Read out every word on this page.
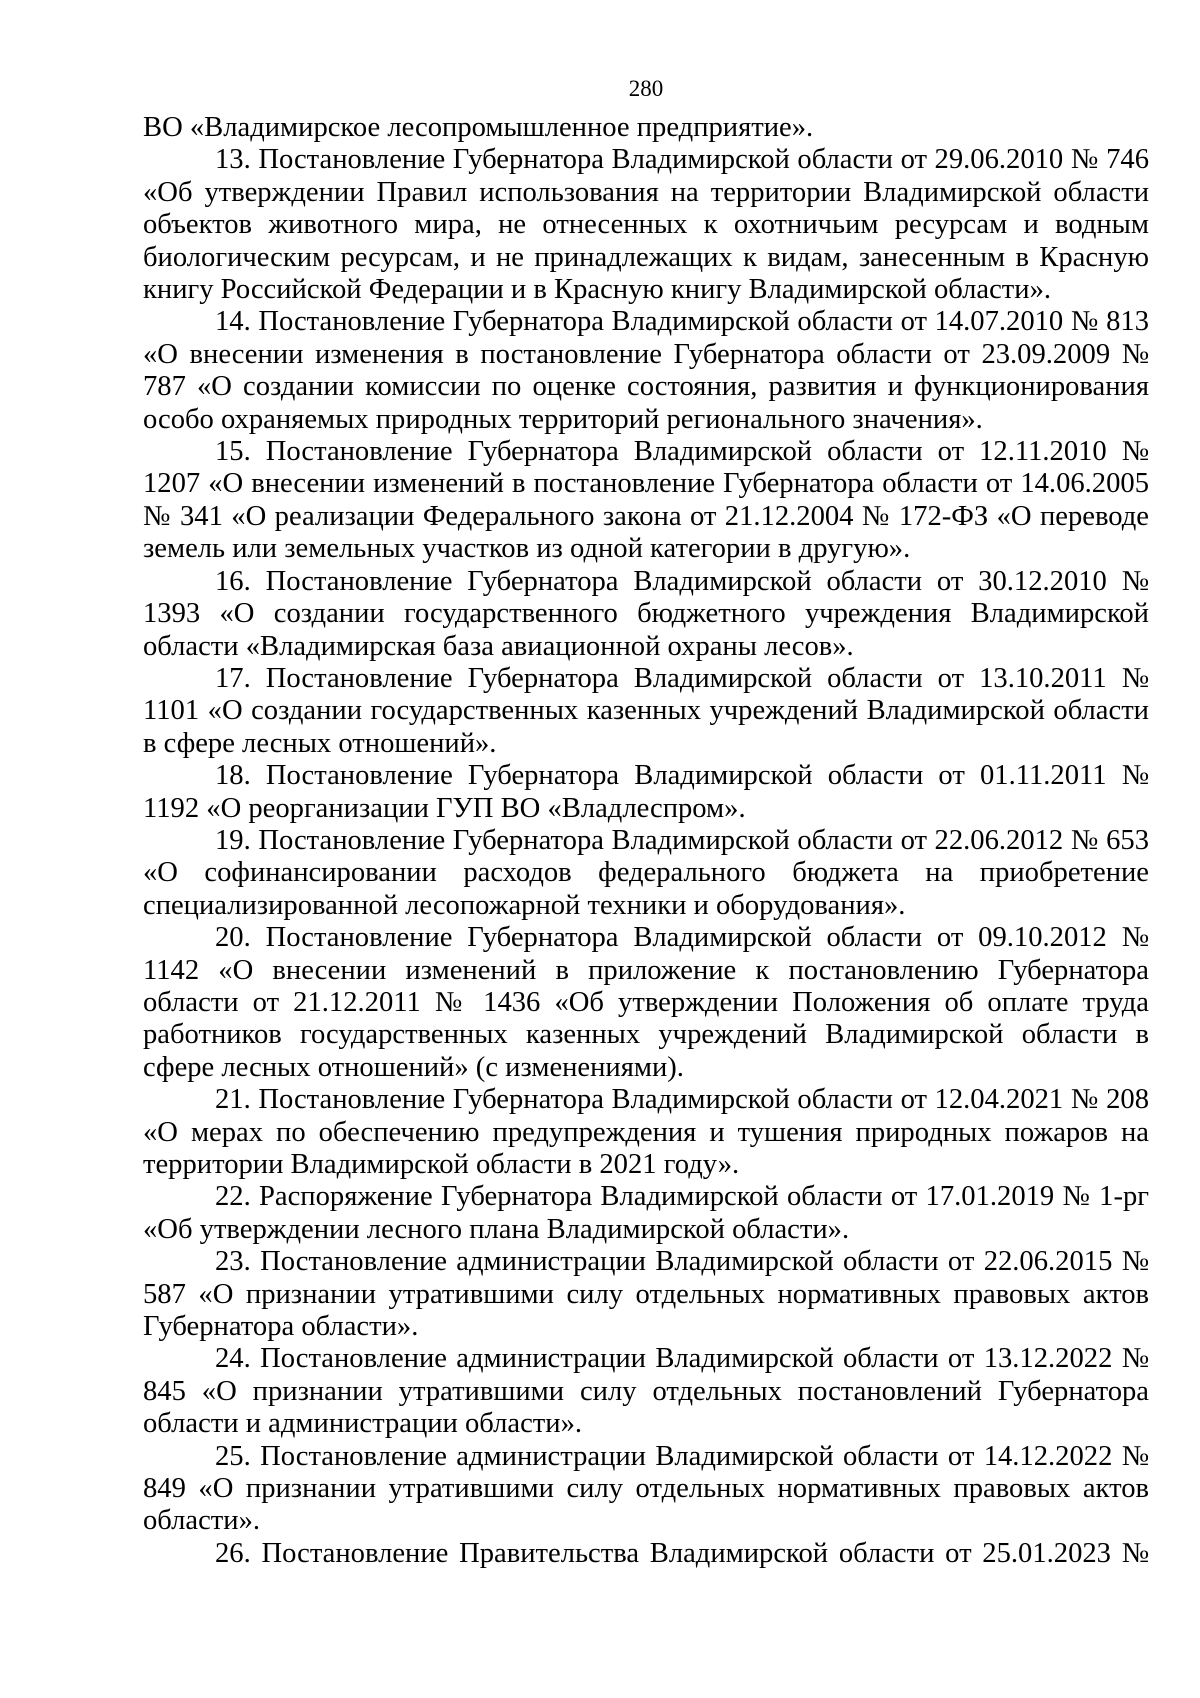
280

ВО «Владимирское лесопромышленное предприятие».

13. Постановление Губернатора Владимирской области от 29.06.2010 № 746 «Об утверждении Правил использования на территории Владимирской области объектов животного мира, не отнесенных к охотничьим ресурсам и водным биологическим ресурсам, и не принадлежащих к видам, занесенным в Красную книгу Российской Федерации и в Красную книгу Владимирской области».

14. Постановление Губернатора Владимирской области от 14.07.2010 № 813 «О внесении изменения в постановление Губернатора области от 23.09.2009 № 787 «О создании комиссии по оценке состояния, развития и функционирования особо охраняемых природных территорий регионального значения».

15. Постановление Губернатора Владимирской области от 12.11.2010 № 1207 «О внесении изменений в постановление Губернатора области от 14.06.2005 № 341 «О реализации Федерального закона от 21.12.2004 № 172-ФЗ «О переводе земель или земельных участков из одной категории в другую».

16. Постановление Губернатора Владимирской области от 30.12.2010 № 1393 «О создании государственного бюджетного учреждения Владимирской области «Владимирская база авиационной охраны лесов».

17. Постановление Губернатора Владимирской области от 13.10.2011 № 1101 «О создании государственных казенных учреждений Владимирской области в сфере лесных отношений».

18. Постановление Губернатора Владимирской области от 01.11.2011 № 1192 «О реорганизации ГУП ВО «Владлеспром».

19. Постановление Губернатора Владимирской области от 22.06.2012 № 653 «О софинансировании расходов федерального бюджета на приобретение специализированной лесопожарной техники и оборудования».

20. Постановление Губернатора Владимирской области от 09.10.2012 № 1142 «О внесении изменений в приложение к постановлению Губернатора области от 21.12.2011 № 1436 «Об утверждении Положения об оплате труда работников государственных казенных учреждений Владимирской области в сфере лесных отношений» (с изменениями).

21. Постановление Губернатора Владимирской области от 12.04.2021 № 208 «О мерах по обеспечению предупреждения и тушения природных пожаров на территории Владимирской области в 2021 году».

22. Распоряжение Губернатора Владимирской области от 17.01.2019 № 1-рг «Об утверждении лесного плана Владимирской области».

23. Постановление администрации Владимирской области от 22.06.2015 № 587 «О признании утратившими силу отдельных нормативных правовых актов Губернатора области».

24. Постановление администрации Владимирской области от 13.12.2022 № 845 «О признании утратившими силу отдельных постановлений Губернатора области и администрации области».

25. Постановление администрации Владимирской области от 14.12.2022 № 849 «О признании утратившими силу отдельных нормативных правовых актов области».

26. Постановление Правительства Владимирской области от 25.01.2023 №
